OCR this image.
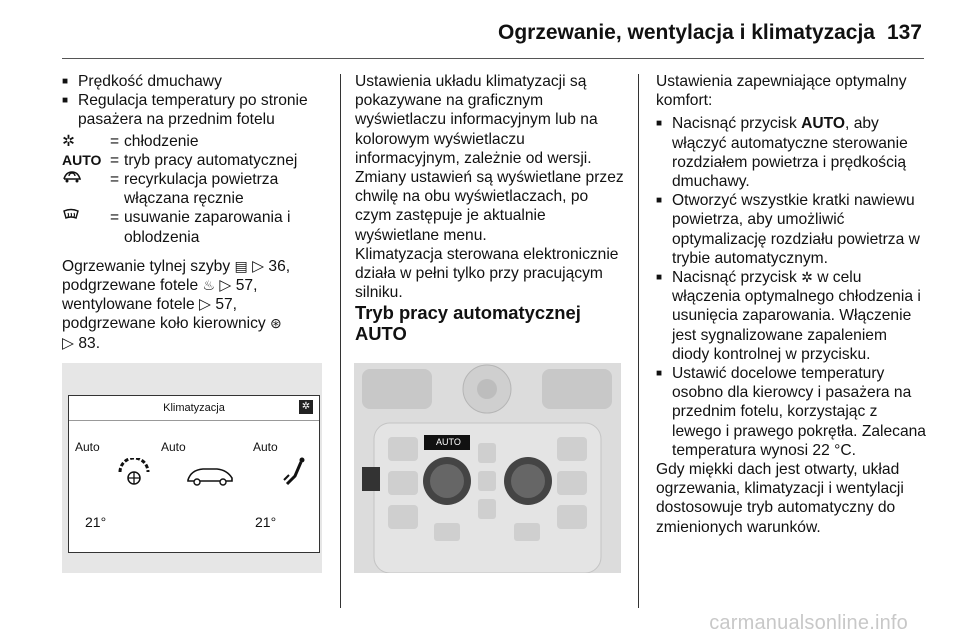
Ogrzewanie, wentylacja i klimatyzacja 137

■ Prędkość dmuchawy

■ Regulacja temperatury po stronie pasażera na przednim fotelu

✲	= chłodzenie
AUTO = tryb pracy automatycznej
= recyrkulacja powietrza włączana ręcznie
= usuwanie zaparowania i oblodzenia

Ogrzewanie tylnej szyby ▤ ▷ 36,
podgrzewane fotele ♨ ▷ 57,
wentylowane fotele ▷ 57,
podgrzewane koło kierownicy ⊛
▷ 83.

Klimatyzacja	✲
Auto	Auto	Auto
21°	21°

Ustawienia układu klimatyzacji są pokazywane na graficznym wyświetlaczu informacyjnym lub na kolorowym wyświetlaczu informacyjnym, zależnie od wersji. Zmiany ustawień są wyświetlane przez chwilę na obu wyświetlaczach, po czym zastępuje je aktualnie wyświetlane menu.

Klimatyzacja sterowana elektronicznie działa w pełni tylko przy pracującym silniku.

Tryb pracy automatycznej AUTO

AUTO

Ustawienia zapewniające optymalny komfort:

■ Nacisnąć przycisk AUTO, aby włączyć automatyczne sterowanie rozdziałem powietrza i prędkością dmuchawy.

■ Otworzyć wszystkie kratki nawiewu powietrza, aby umożliwić optymalizację rozdziału powietrza w trybie automatycznym.

■ Nacisnąć przycisk ✲ w celu włączenia optymalnego chłodzenia i usunięcia zaparowania. Włączenie jest sygnalizowane zapaleniem diody kontrolnej w przycisku.

■ Ustawić docelowe temperatury osobno dla kierowcy i pasażera na przednim fotelu, korzystając z lewego i prawego pokrętła. Zalecana temperatura wynosi 22 °C.

Gdy miękki dach jest otwarty, układ ogrzewania, klimatyzacji i wentylacji dostosowuje tryb automatyczny do zmienionych warunków.

carmanualsonline.info
